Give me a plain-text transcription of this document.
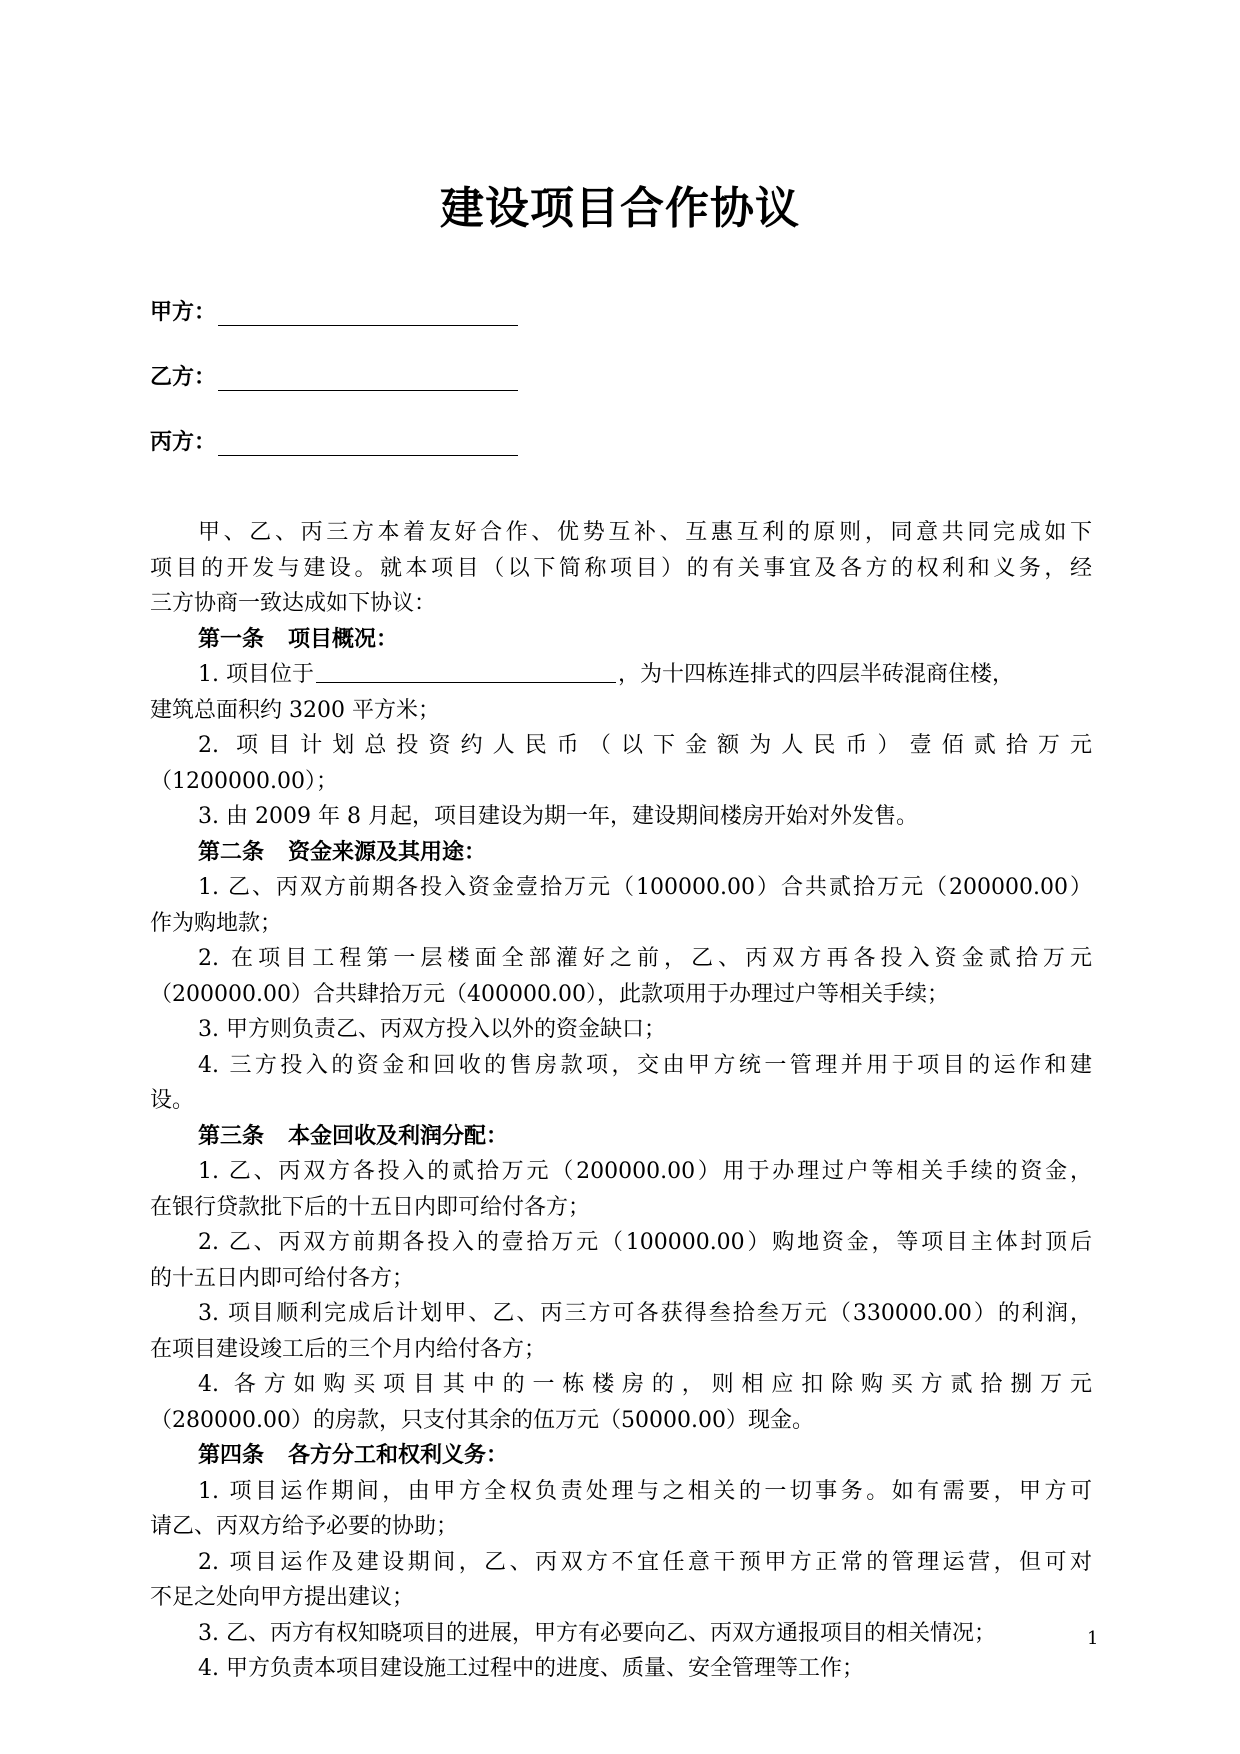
建设项目合作协议
甲方：
乙方：
丙方：
甲、乙、丙三方本着友好合作、优势互补、互惠互利的原则，同意共同完成如下
项目的开发与建设。就本项目（以下简称项目）的有关事宜及各方的权利和义务，经
三方协商一致达成如下协议：
第一条 项目概况：
1. 项目位于	，为十四栋连排式的四层半砖混商住楼，
建筑总面积约 3200 平方米；
2. 项目计划总投资约人民币（以下金额为人民币）壹佰贰拾万元
（1200000.00）；
3. 由 2009 年 8 月起，项目建设为期一年，建设期间楼房开始对外发售。
第二条 资金来源及其用途：
1. 乙、丙双方前期各投入资金壹拾万元（100000.00）合共贰拾万元（200000.00）
作为购地款；
2. 在项目工程第一层楼面全部灌好之前，乙、丙双方再各投入资金贰拾万元
（200000.00）合共肆拾万元（400000.00），此款项用于办理过户等相关手续；
3. 甲方则负责乙、丙双方投入以外的资金缺口；
4. 三方投入的资金和回收的售房款项，交由甲方统一管理并用于项目的运作和建
设。
第三条 本金回收及利润分配：
1. 乙、丙双方各投入的贰拾万元（200000.00）用于办理过户等相关手续的资金，
在银行贷款批下后的十五日内即可给付各方；
2. 乙、丙双方前期各投入的壹拾万元（100000.00）购地资金，等项目主体封顶后
的十五日内即可给付各方；
3. 项目顺利完成后计划甲、乙、丙三方可各获得叁拾叁万元（330000.00）的利润，
在项目建设竣工后的三个月内给付各方；
4. 各方如购买项目其中的一栋楼房的，则相应扣除购买方贰拾捌万元
（280000.00）的房款，只支付其余的伍万元（50000.00）现金。
第四条 各方分工和权利义务：
1. 项目运作期间，由甲方全权负责处理与之相关的一切事务。如有需要，甲方可
请乙、丙双方给予必要的协助；
2. 项目运作及建设期间，乙、丙双方不宜任意干预甲方正常的管理运营，但可对
不足之处向甲方提出建议；
3. 乙、丙方有权知晓项目的进展，甲方有必要向乙、丙双方通报项目的相关情况；
4. 甲方负责本项目建设施工过程中的进度、质量、安全管理等工作；
1
